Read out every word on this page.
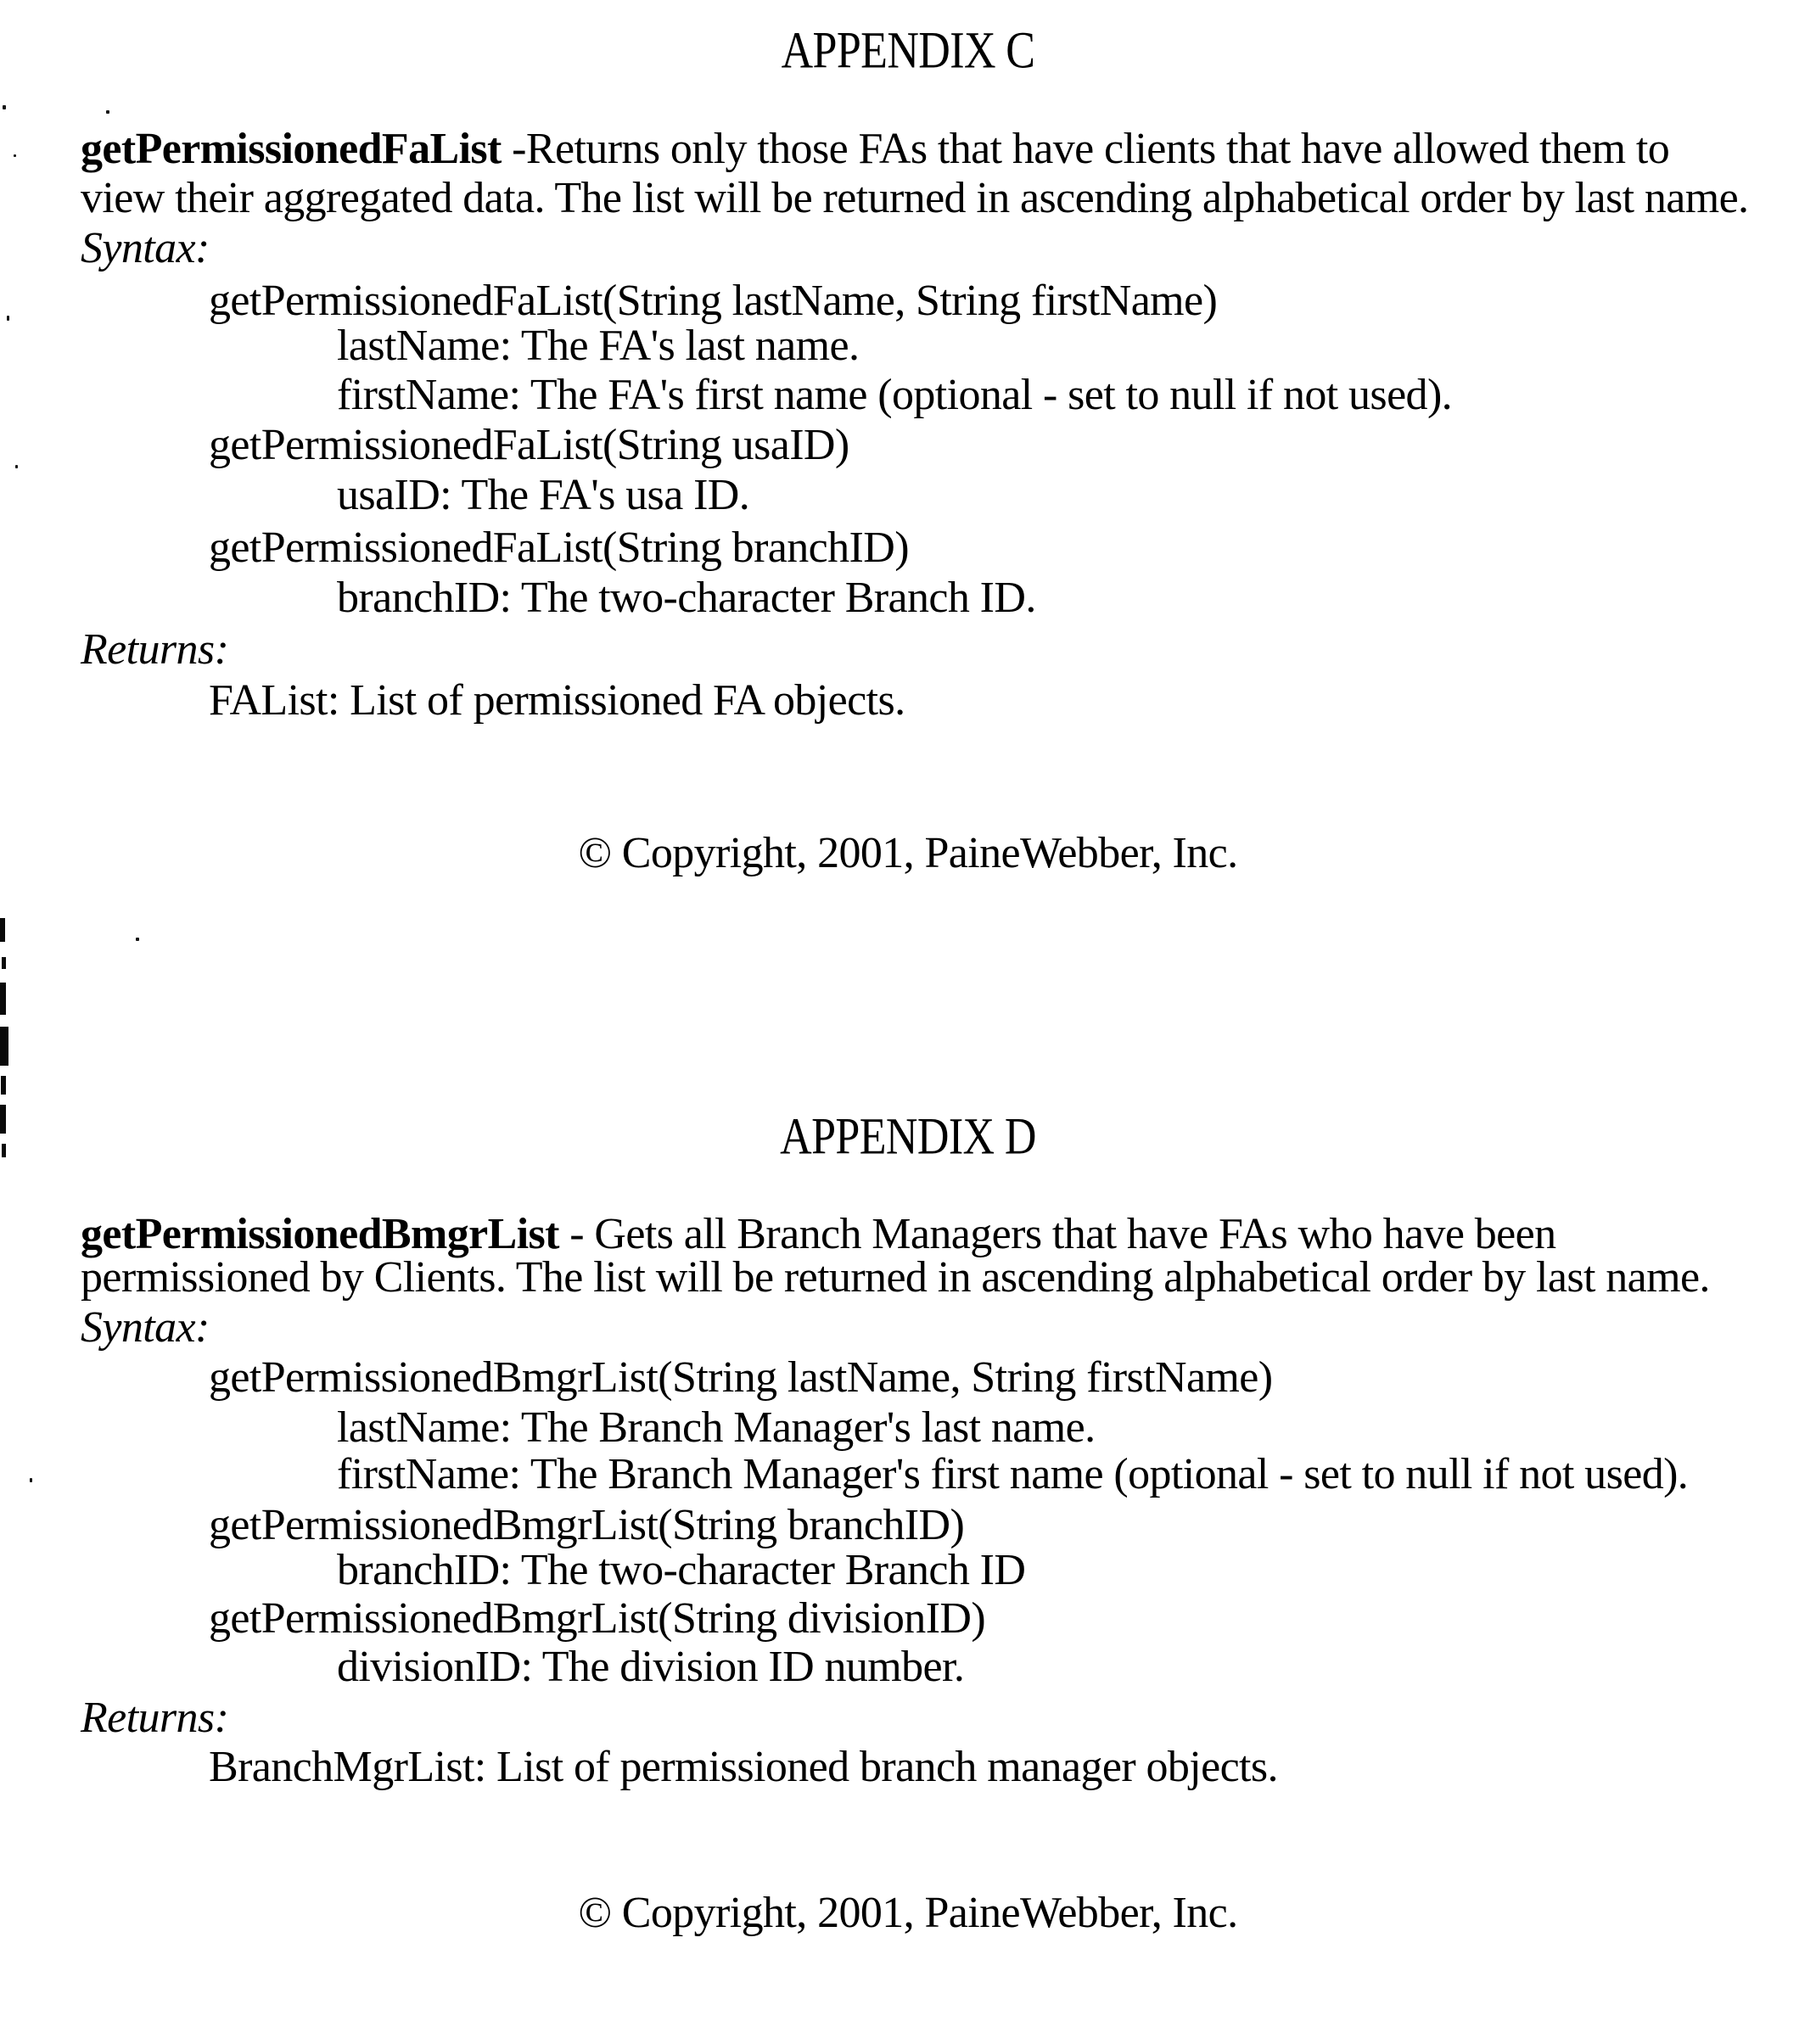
APPENDIX C
getPermissionedFaList -Returns only those FAs that have clients that have allowed them to
view their aggregated data. The list will be returned in ascending alphabetical order by last name.
Syntax:
getPermissionedFaList(String lastName, String firstName)
lastName: The FA's last name.
firstName: The FA's first name (optional - set to null if not used).
getPermissionedFaList(String usaID)
usaID: The FA's usa ID.
getPermissionedFaList(String branchID)
branchID: The two-character Branch ID.
Returns:
FAList: List of permissioned FA objects.
© Copyright, 2001, PaineWebber, Inc.
APPENDIX D
getPermissionedBmgrList - Gets all Branch Managers that have FAs who have been
permissioned by Clients. The list will be returned in ascending alphabetical order by last name.
Syntax:
getPermissionedBmgrList(String lastName, String firstName)
lastName: The Branch Manager's last name.
firstName: The Branch Manager's first name (optional - set to null if not used).
getPermissionedBmgrList(String branchID)
branchID: The two-character Branch ID
getPermissionedBmgrList(String divisionID)
divisionID: The division ID number.
Returns:
BranchMgrList: List of permissioned branch manager objects.
© Copyright, 2001, PaineWebber, Inc.
